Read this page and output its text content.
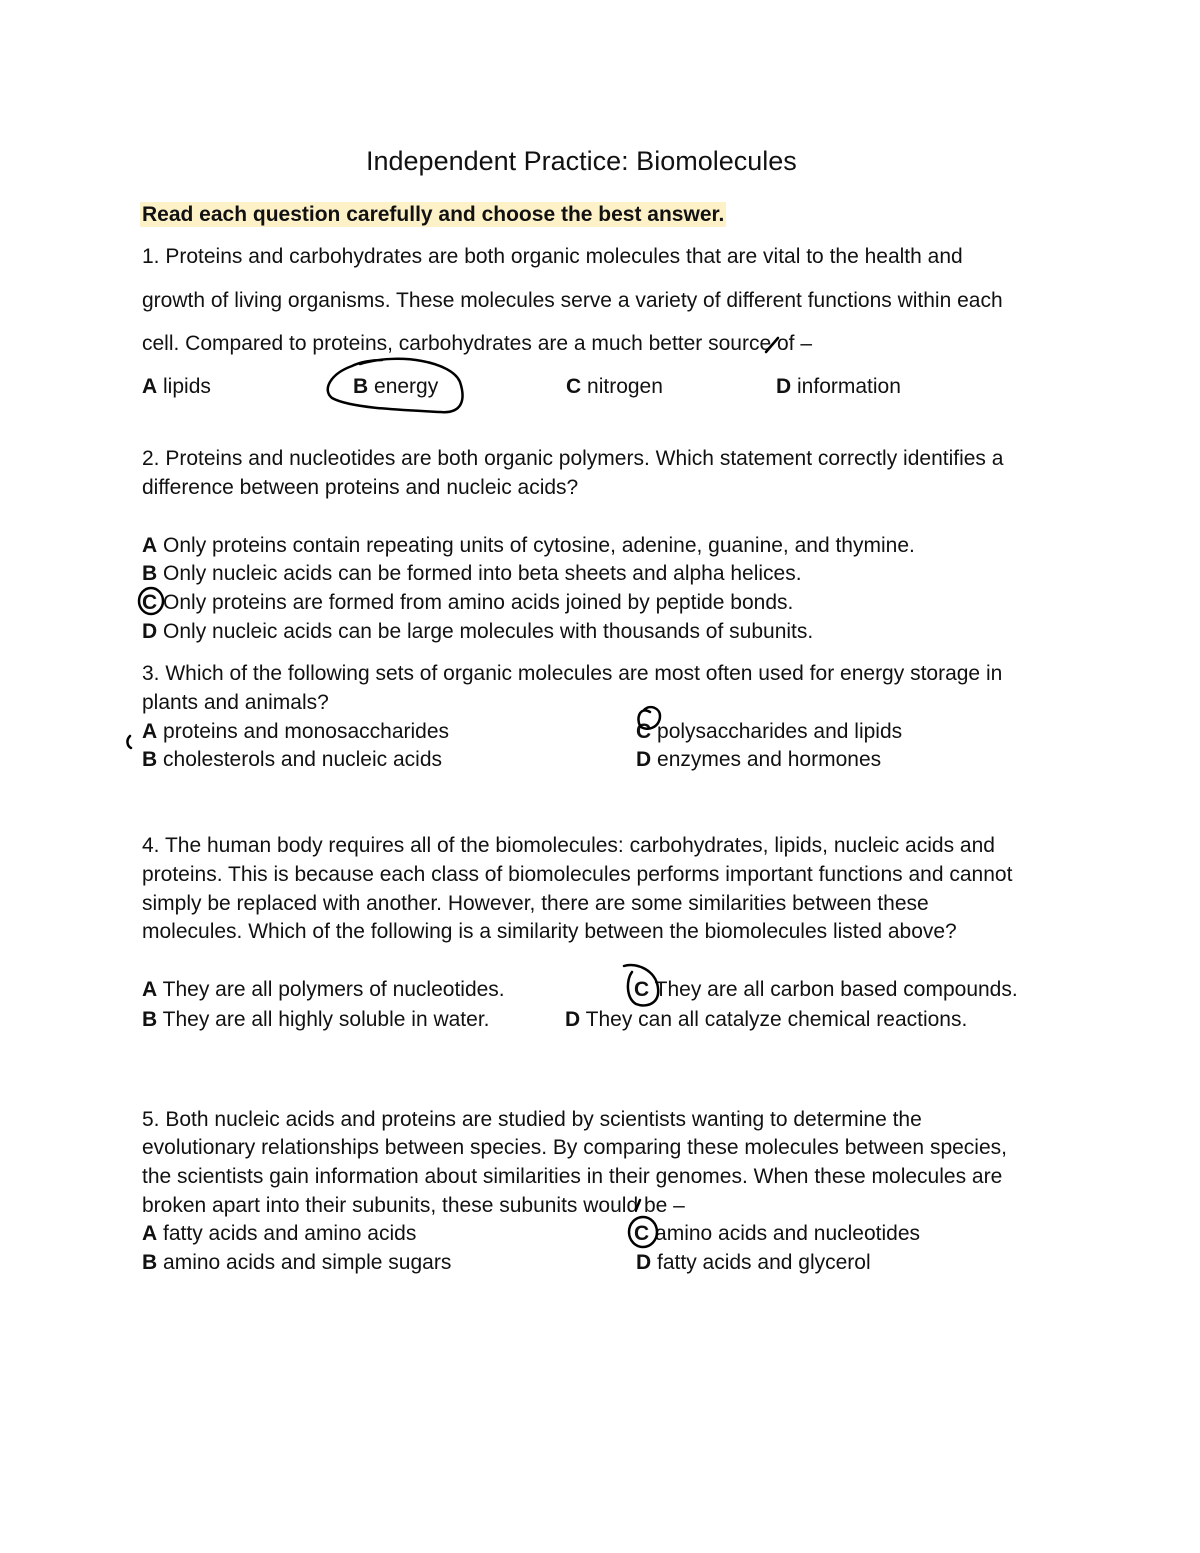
Independent Practice: Biomolecules
Read each question carefully and choose the best answer.
1. Proteins and carbohydrates are both organic molecules that are vital to the health and
growth of living organisms. These molecules serve a variety of different functions within each
cell. Compared to proteins, carbohydrates are a much better source of –
A lipids	B energy	C nitrogen	D information
2. Proteins and nucleotides are both organic polymers. Which statement correctly identifies a
difference between proteins and nucleic acids?
A Only proteins contain repeating units of cytosine, adenine, guanine, and thymine.
B Only nucleic acids can be formed into beta sheets and alpha helices.
C Only proteins are formed from amino acids joined by peptide bonds.
D Only nucleic acids can be large molecules with thousands of subunits.
3. Which of the following sets of organic molecules are most often used for energy storage in
plants and animals?
A proteins and monosaccharides	C polysaccharides and lipids
B cholesterols and nucleic acids	D enzymes and hormones
4. The human body requires all of the biomolecules: carbohydrates, lipids, nucleic acids and
proteins. This is because each class of biomolecules performs important functions and cannot
simply be replaced with another. However, there are some similarities between these
molecules. Which of the following is a similarity between the biomolecules listed above?
A They are all polymers of nucleotides.	C They are all carbon based compounds.
B They are all highly soluble in water.	D They can all catalyze chemical reactions.
5. Both nucleic acids and proteins are studied by scientists wanting to determine the
evolutionary relationships between species. By comparing these molecules between species,
the scientists gain information about similarities in their genomes. When these molecules are
broken apart into their subunits, these subunits would be –
A fatty acids and amino acids	C amino acids and nucleotides
B amino acids and simple sugars	D fatty acids and glycerol
